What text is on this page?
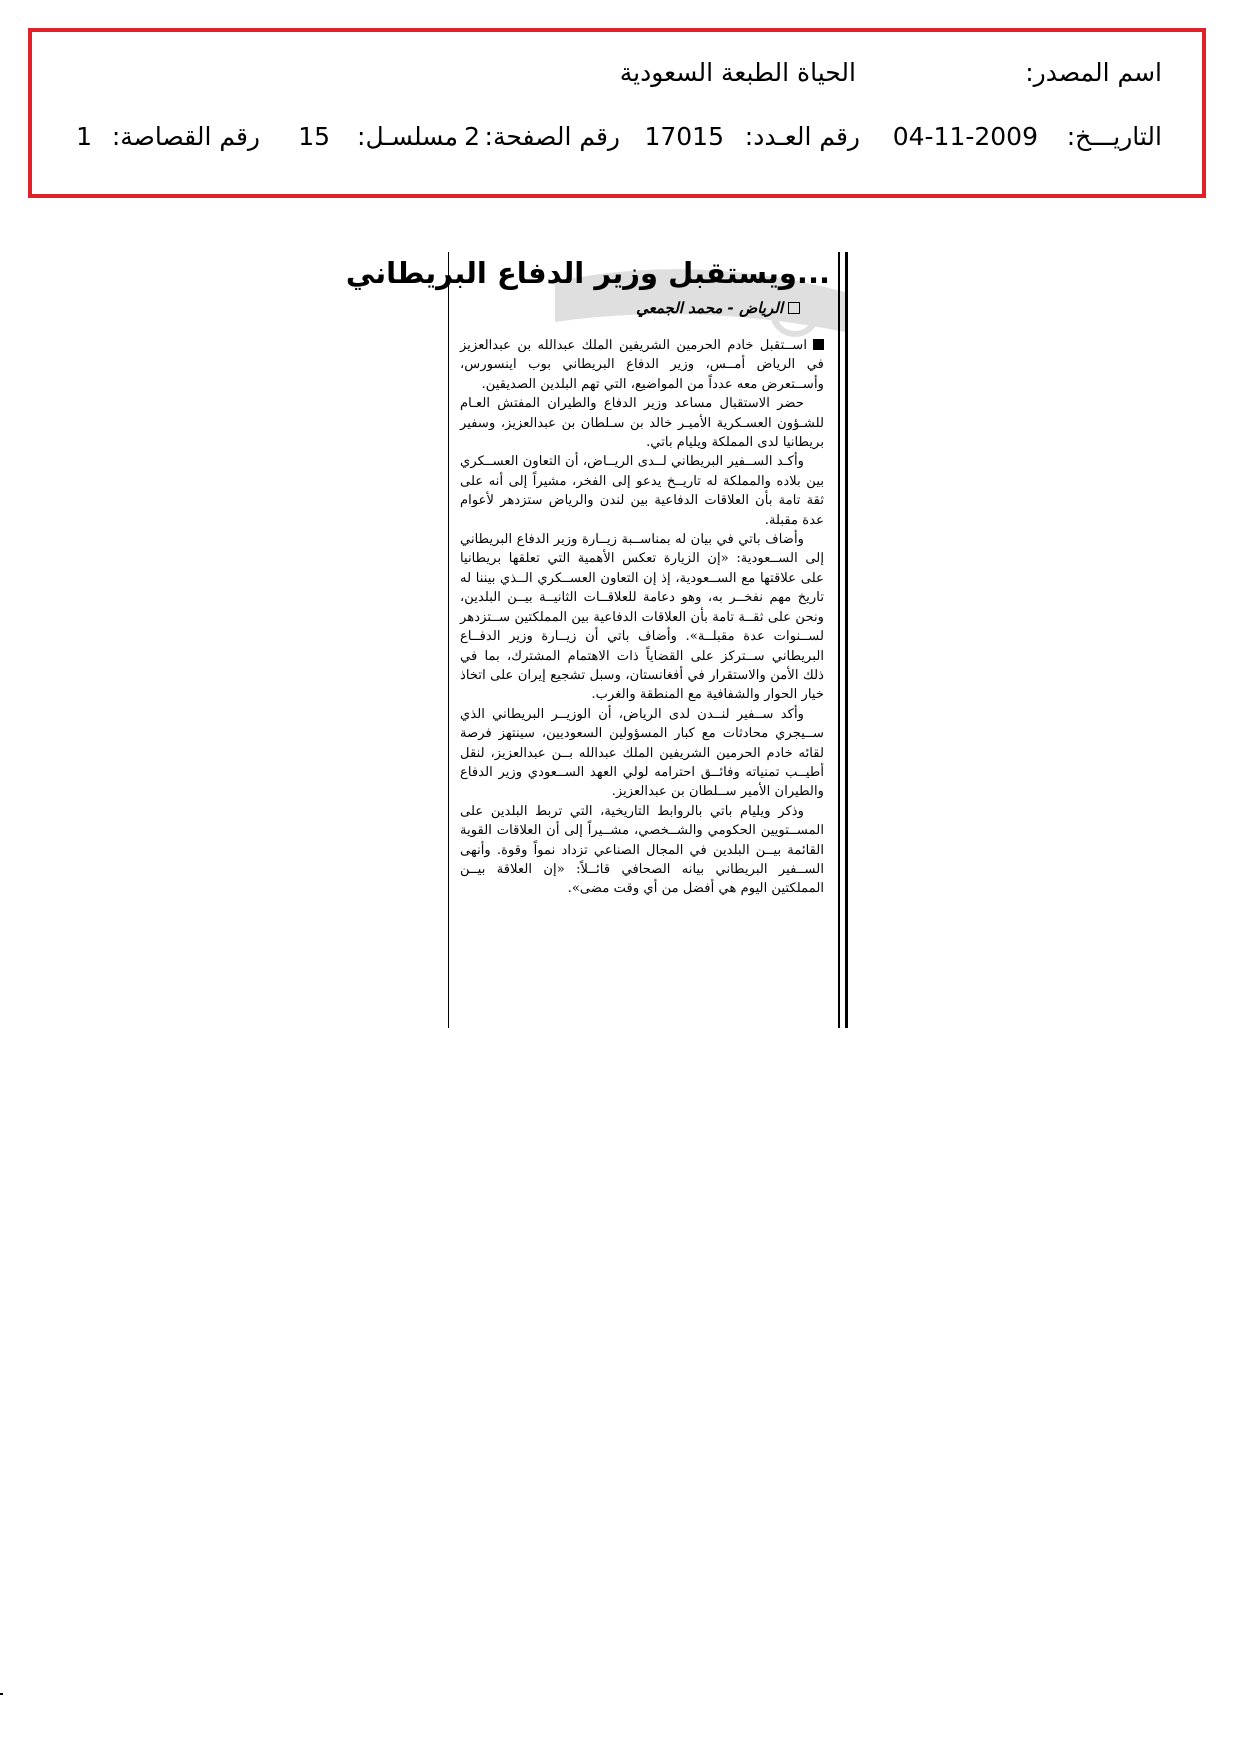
اسم المصدر:
الحياة الطبعة السعودية
التاريـــخ:
04-11-2009
رقم العـدد:
17015
رقم الصفحة:
2
مسلسـل:
15
رقم القصاصة:
1
...ويستقبل وزير الدفاع البريطاني
الرياض - محمد الجمعي

اســتقبل خادم الحرمين الشريفين الملك عبدالله بن عبدالعزيز في الرياض أمــس، وزير الدفاع البريطاني بوب اينسورس، وأســتعرض معه عدداً من المواضيع، التي تهم البلدين الصديقين.

حضر الاستقبال مساعد وزير الدفاع والطيران المفتش العـام للشـؤون العسـكرية الأميـر خالد بن سـلطان بن عبدالعزيز، وسفير بريطانيا لدى المملكة ويليام باتي.

وأكـد الســفير البريطاني لــدى الريــاض، أن التعاون العســكري بين بلاده والمملكة له تاريــخ يدعو إلى الفخر، مشيراً إلى أنه على ثقة تامة بأن العلاقات الدفاعية بين لندن والرياض ستزدهر لأعوام عدة مقبلة.

وأضاف باتي في بيان له بمناســبة زيــارة وزير الدفاع البريطاني إلى الســعودية: «إن الزيارة تعكس الأهمية التي تعلقها بريطانيا على علاقتها مع الســعودية، إذ إن التعاون العســكري الــذي بيننا له تاريخ مهم نفخــر به، وهو دعامة للعلاقــات الثانيــة بيــن البلدين، ونحن على ثقــة تامة بأن العلاقات الدفاعية بين المملكتين ســتزدهر لســنوات عدة مقبلــة». وأضاف باتي أن زيــارة وزير الدفــاع البريطاني ســتركز على القضاياً ذات الاهتمام المشترك، بما في ذلك الأمن والاستقرار في أفغانستان، وسبل تشجيع إيران على اتخاذ خيار الحوار والشفافية مع المنطقة والغرب.

وأكد ســفير لنــدن لدى الرياض، أن الوزيــر البريطاني الذي ســيجري محادثات مع كبار المسؤولين السعوديين، سينتهز فرصة لقائه خادم الحرمين الشريفين الملك عبدالله بــن عبدالعزيز، لنقل أطيــب تمنياته وفائــق احترامه لولي العهد الســعودي وزير الدفاع والطيران الأمير ســلطان بن عبدالعزيز.

وذكر ويليام باتي بالروابط التاريخية، التي تربط البلدين على المســتويين الحكومي والشــخصي، مشــيراً إلى أن العلاقات القوية القائمة بيــن البلدين في المجال الصناعي تزداد نمواً وقوة. وأنهى الســفير البريطاني بيانه الصحافي قائــلاً: «إن العلاقة بيــن المملكتين اليوم هي أفضل من أي وقت مضى».
